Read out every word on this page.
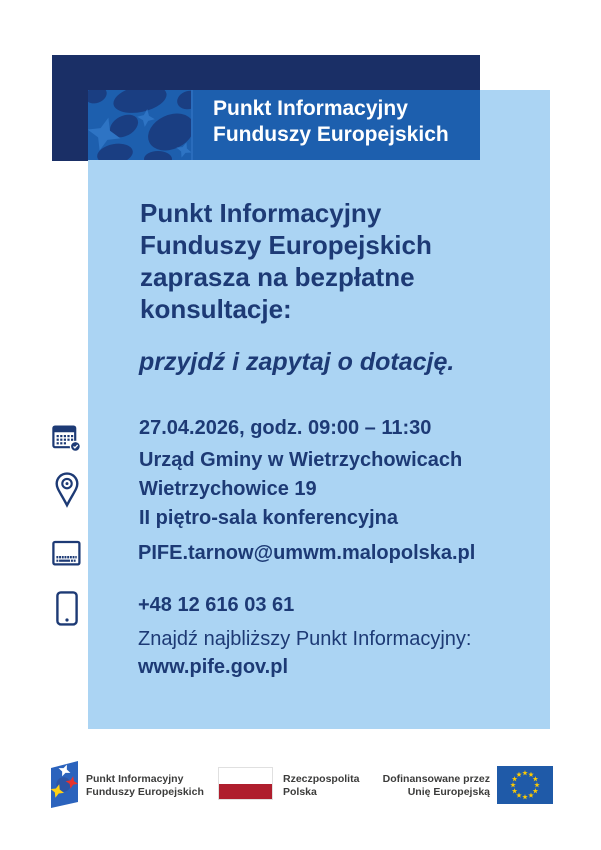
Punkt Informacyjny
Funduszy Europejskich
Punkt Informacyjny
Funduszy Europejskich
zaprasza na bezpłatne
konsultacje:
przyjdź i zapytaj o dotację.
27.04.2026, godz. 09:00 – 11:30
Urząd Gminy w Wietrzychowicach
Wietrzychowice 19
II piętro-sala konferencyjna
PIFE.tarnow@umwm.malopolska.pl
+48 12 616 03 61
Znajdź najbliższy Punkt Informacyjny:
www.pife.gov.pl
Punkt Informacyjny
Funduszy Europejskich
Rzeczpospolita
Polska
Dofinansowane przez
Unię Europejską
